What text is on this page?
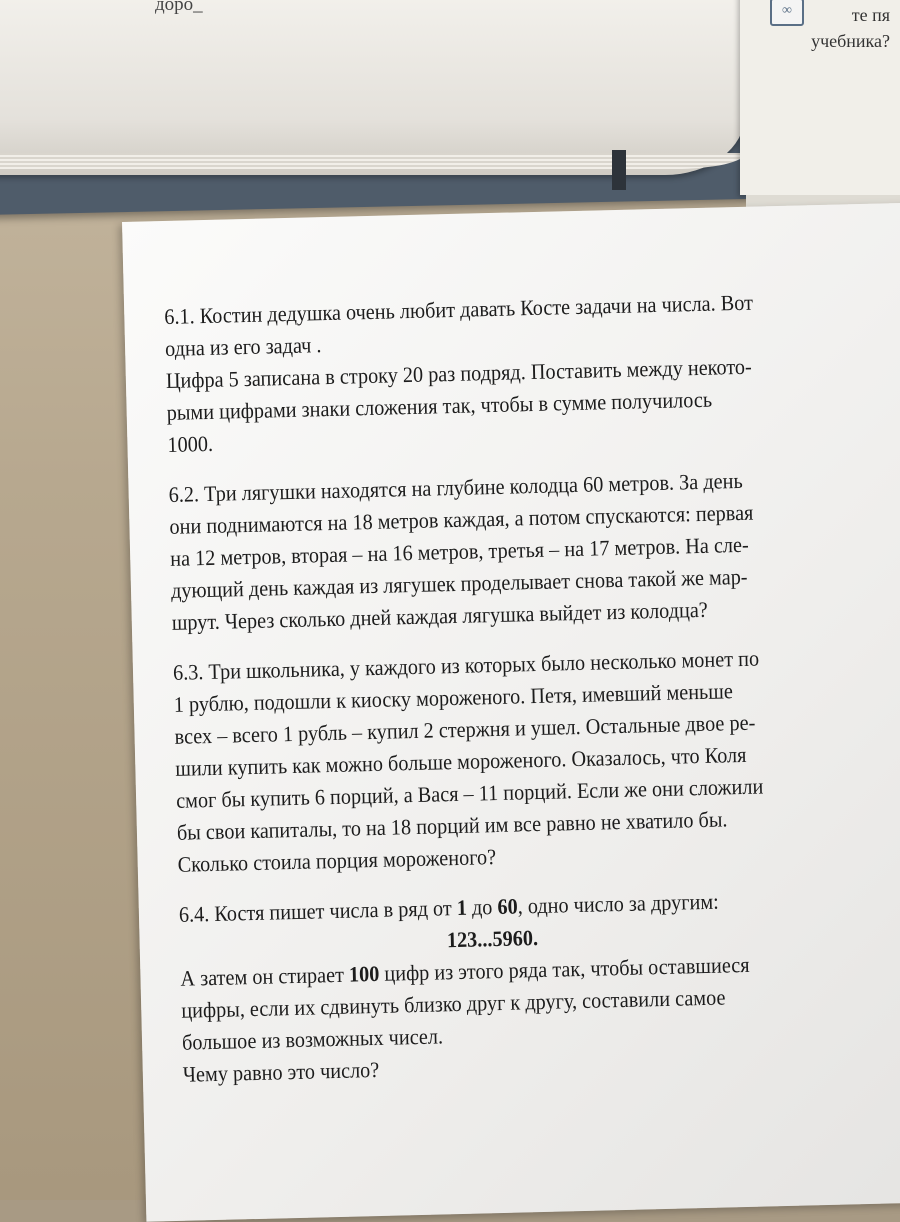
доро_	∞	те пя
учебника?
6.1. Костин дедушка очень любит давать Косте задачи на числа. Вот
одна из его задач .
Цифра 5 записана в строку 20 раз подряд. Поставить между некото-
рыми цифрами знаки сложения так, чтобы в сумме получилось
1000.
6.2. Три лягушки находятся на глубине колодца 60 метров. За день
они поднимаются на 18 метров каждая, а потом спускаются: первая
на 12 метров, вторая – на 16 метров, третья – на 17 метров. На сле-
дующий день каждая из лягушек проделывает снова такой же мар-
шрут. Через сколько дней каждая лягушка выйдет из колодца?
6.3. Три школьника, у каждого из которых было несколько монет по
1 рублю, подошли к киоску мороженого. Петя, имевший меньше
всех – всего 1 рубль – купил 2 стержня и ушел. Остальные двое ре-
шили купить как можно больше мороженого. Оказалось, что Коля
смог бы купить 6 порций, а Вася – 11 порций. Если же они сложили
бы свои капиталы, то на 18 порций им все равно не хватило бы.
Сколько стоила порция мороженого?
6.4. Костя пишет числа в ряд от 1 до 60, одно число за другим:
123...5960.
А затем он стирает 100 цифр из этого ряда так, чтобы оставшиеся
цифры, если их сдвинуть близко друг к другу, составили самое
большое из возможных чисел.
Чему равно это число?
